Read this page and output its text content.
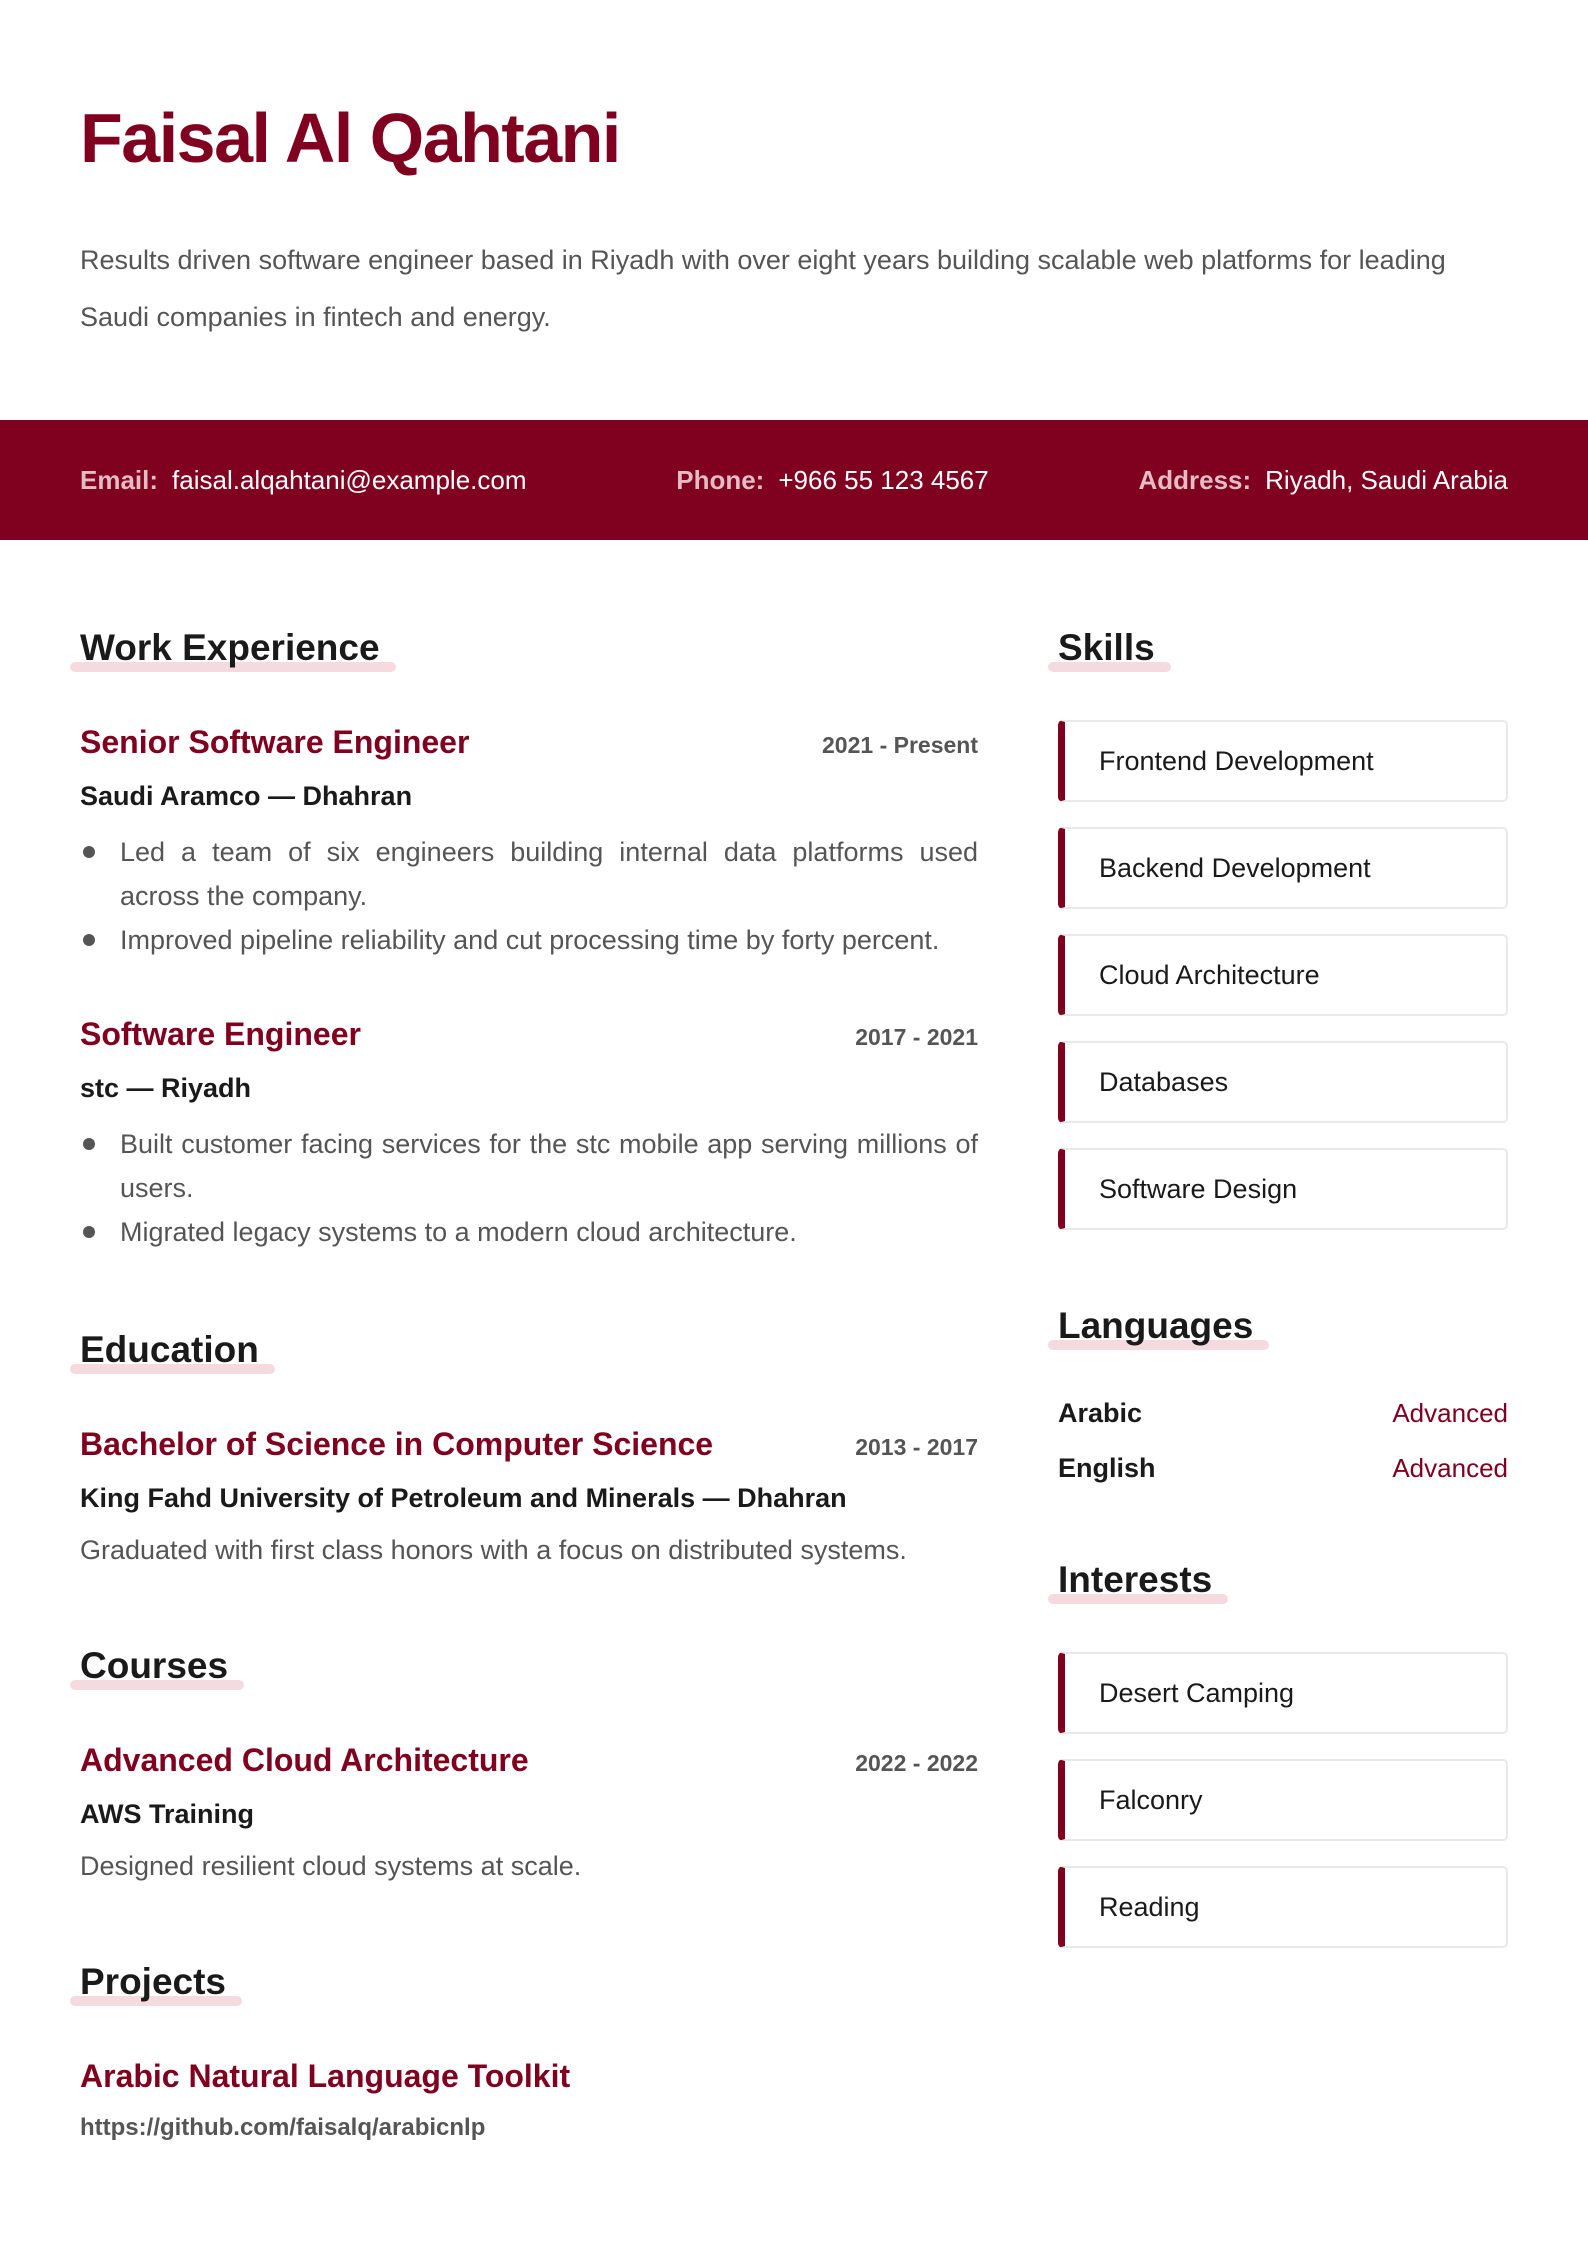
Faisal Al Qahtani

Results driven software engineer based in Riyadh with over eight years building scalable web platforms for leading Saudi companies in fintech and energy.

Email: faisal.alqahtani@example.com	Phone: +966 55 123 4567	Address: Riyadh, Saudi Arabia
Work Experience
Senior Software Engineer	2021 - Present
Saudi Aramco — Dhahran
Led a team of six engineers building internal data platforms used across the company.
Improved pipeline reliability and cut processing time by forty percent.
Software Engineer	2017 - 2021
stc — Riyadh
Built customer facing services for the stc mobile app serving millions of users.
Migrated legacy systems to a modern cloud architecture.
Education
Bachelor of Science in Computer Science	2013 - 2017
King Fahd University of Petroleum and Minerals — Dhahran
Graduated with first class honors with a focus on distributed systems.
Courses
Advanced Cloud Architecture	2022 - 2022
AWS Training
Designed resilient cloud systems at scale.
Projects
Arabic Natural Language Toolkit
https://github.com/faisalq/arabicnlp
Skills
Frontend Development
Backend Development
Cloud Architecture
Databases
Software Design
Languages
Arabic	Advanced
English	Advanced
Interests
Desert Camping
Falconry
Reading
